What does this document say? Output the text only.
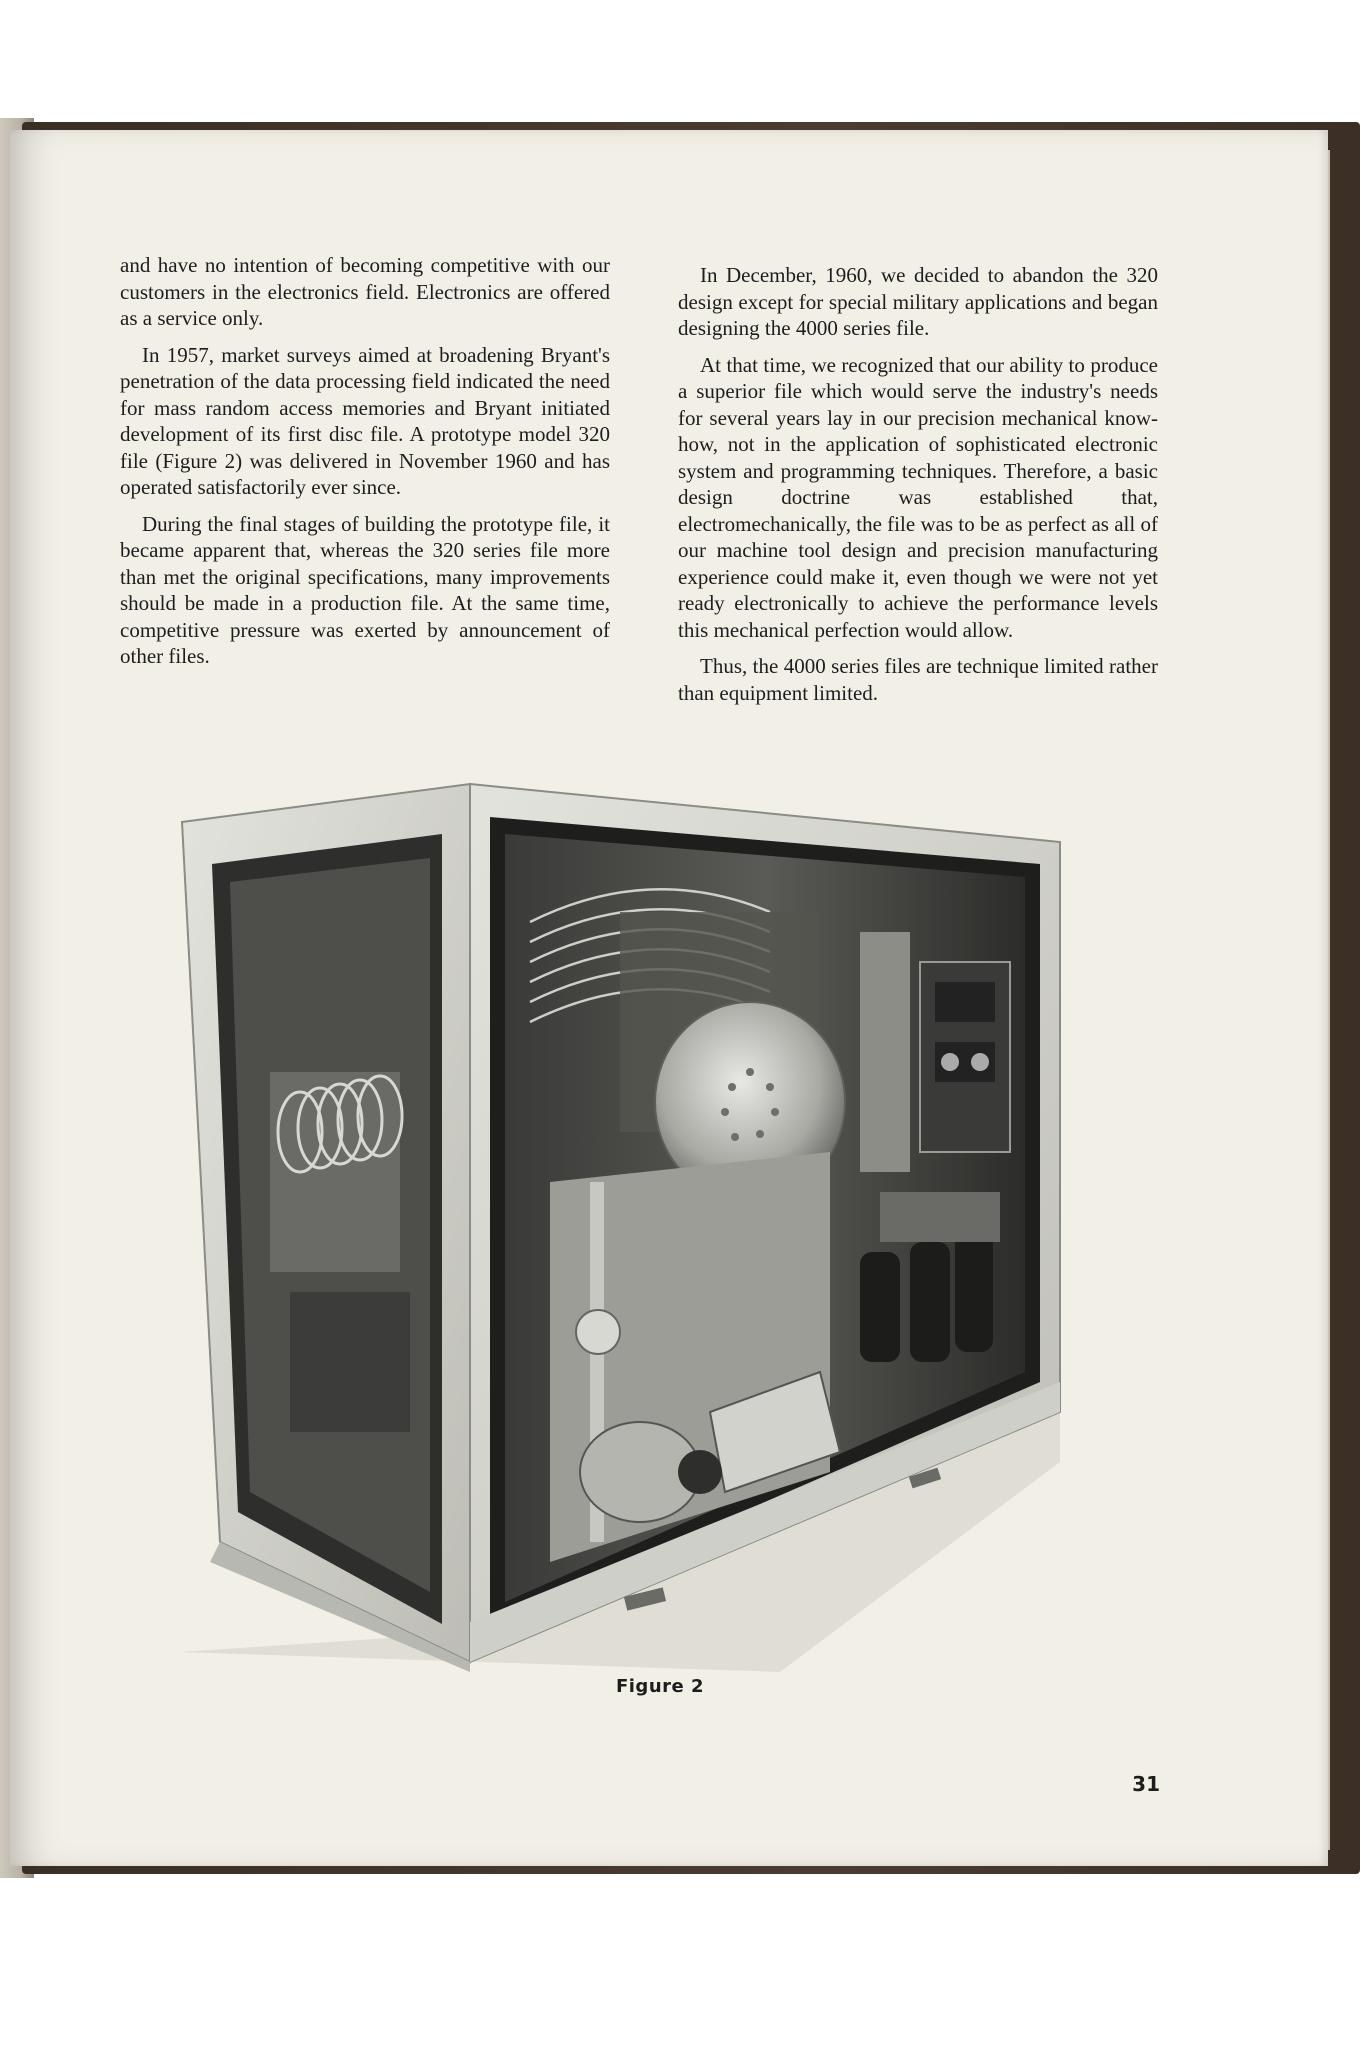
and have no intention of becoming competitive with our customers in the electronics field. Electronics are offered as a service only.

In 1957, market surveys aimed at broadening Bryant's penetration of the data processing field indicated the need for mass random access memories and Bryant initiated development of its first disc file. A prototype model 320 file (Figure 2) was delivered in November 1960 and has operated satisfactorily ever since.

During the final stages of building the prototype file, it became apparent that, whereas the 320 series file more than met the original specifications, many improvements should be made in a production file. At the same time, competitive pressure was exerted by announcement of other files.

In December, 1960, we decided to abandon the 320 design except for special military applications and began designing the 4000 series file.

At that time, we recognized that our ability to produce a superior file which would serve the industry's needs for several years lay in our precision mechanical know-how, not in the application of sophisticated electronic system and programming techniques. Therefore, a basic design doctrine was established that, electromechanically, the file was to be as perfect as all of our machine tool design and precision manufacturing experience could make it, even though we were not yet ready electronically to achieve the performance levels this mechanical perfection would allow.

Thus, the 4000 series files are technique limited rather than equipment limited.

Figure 2
31
